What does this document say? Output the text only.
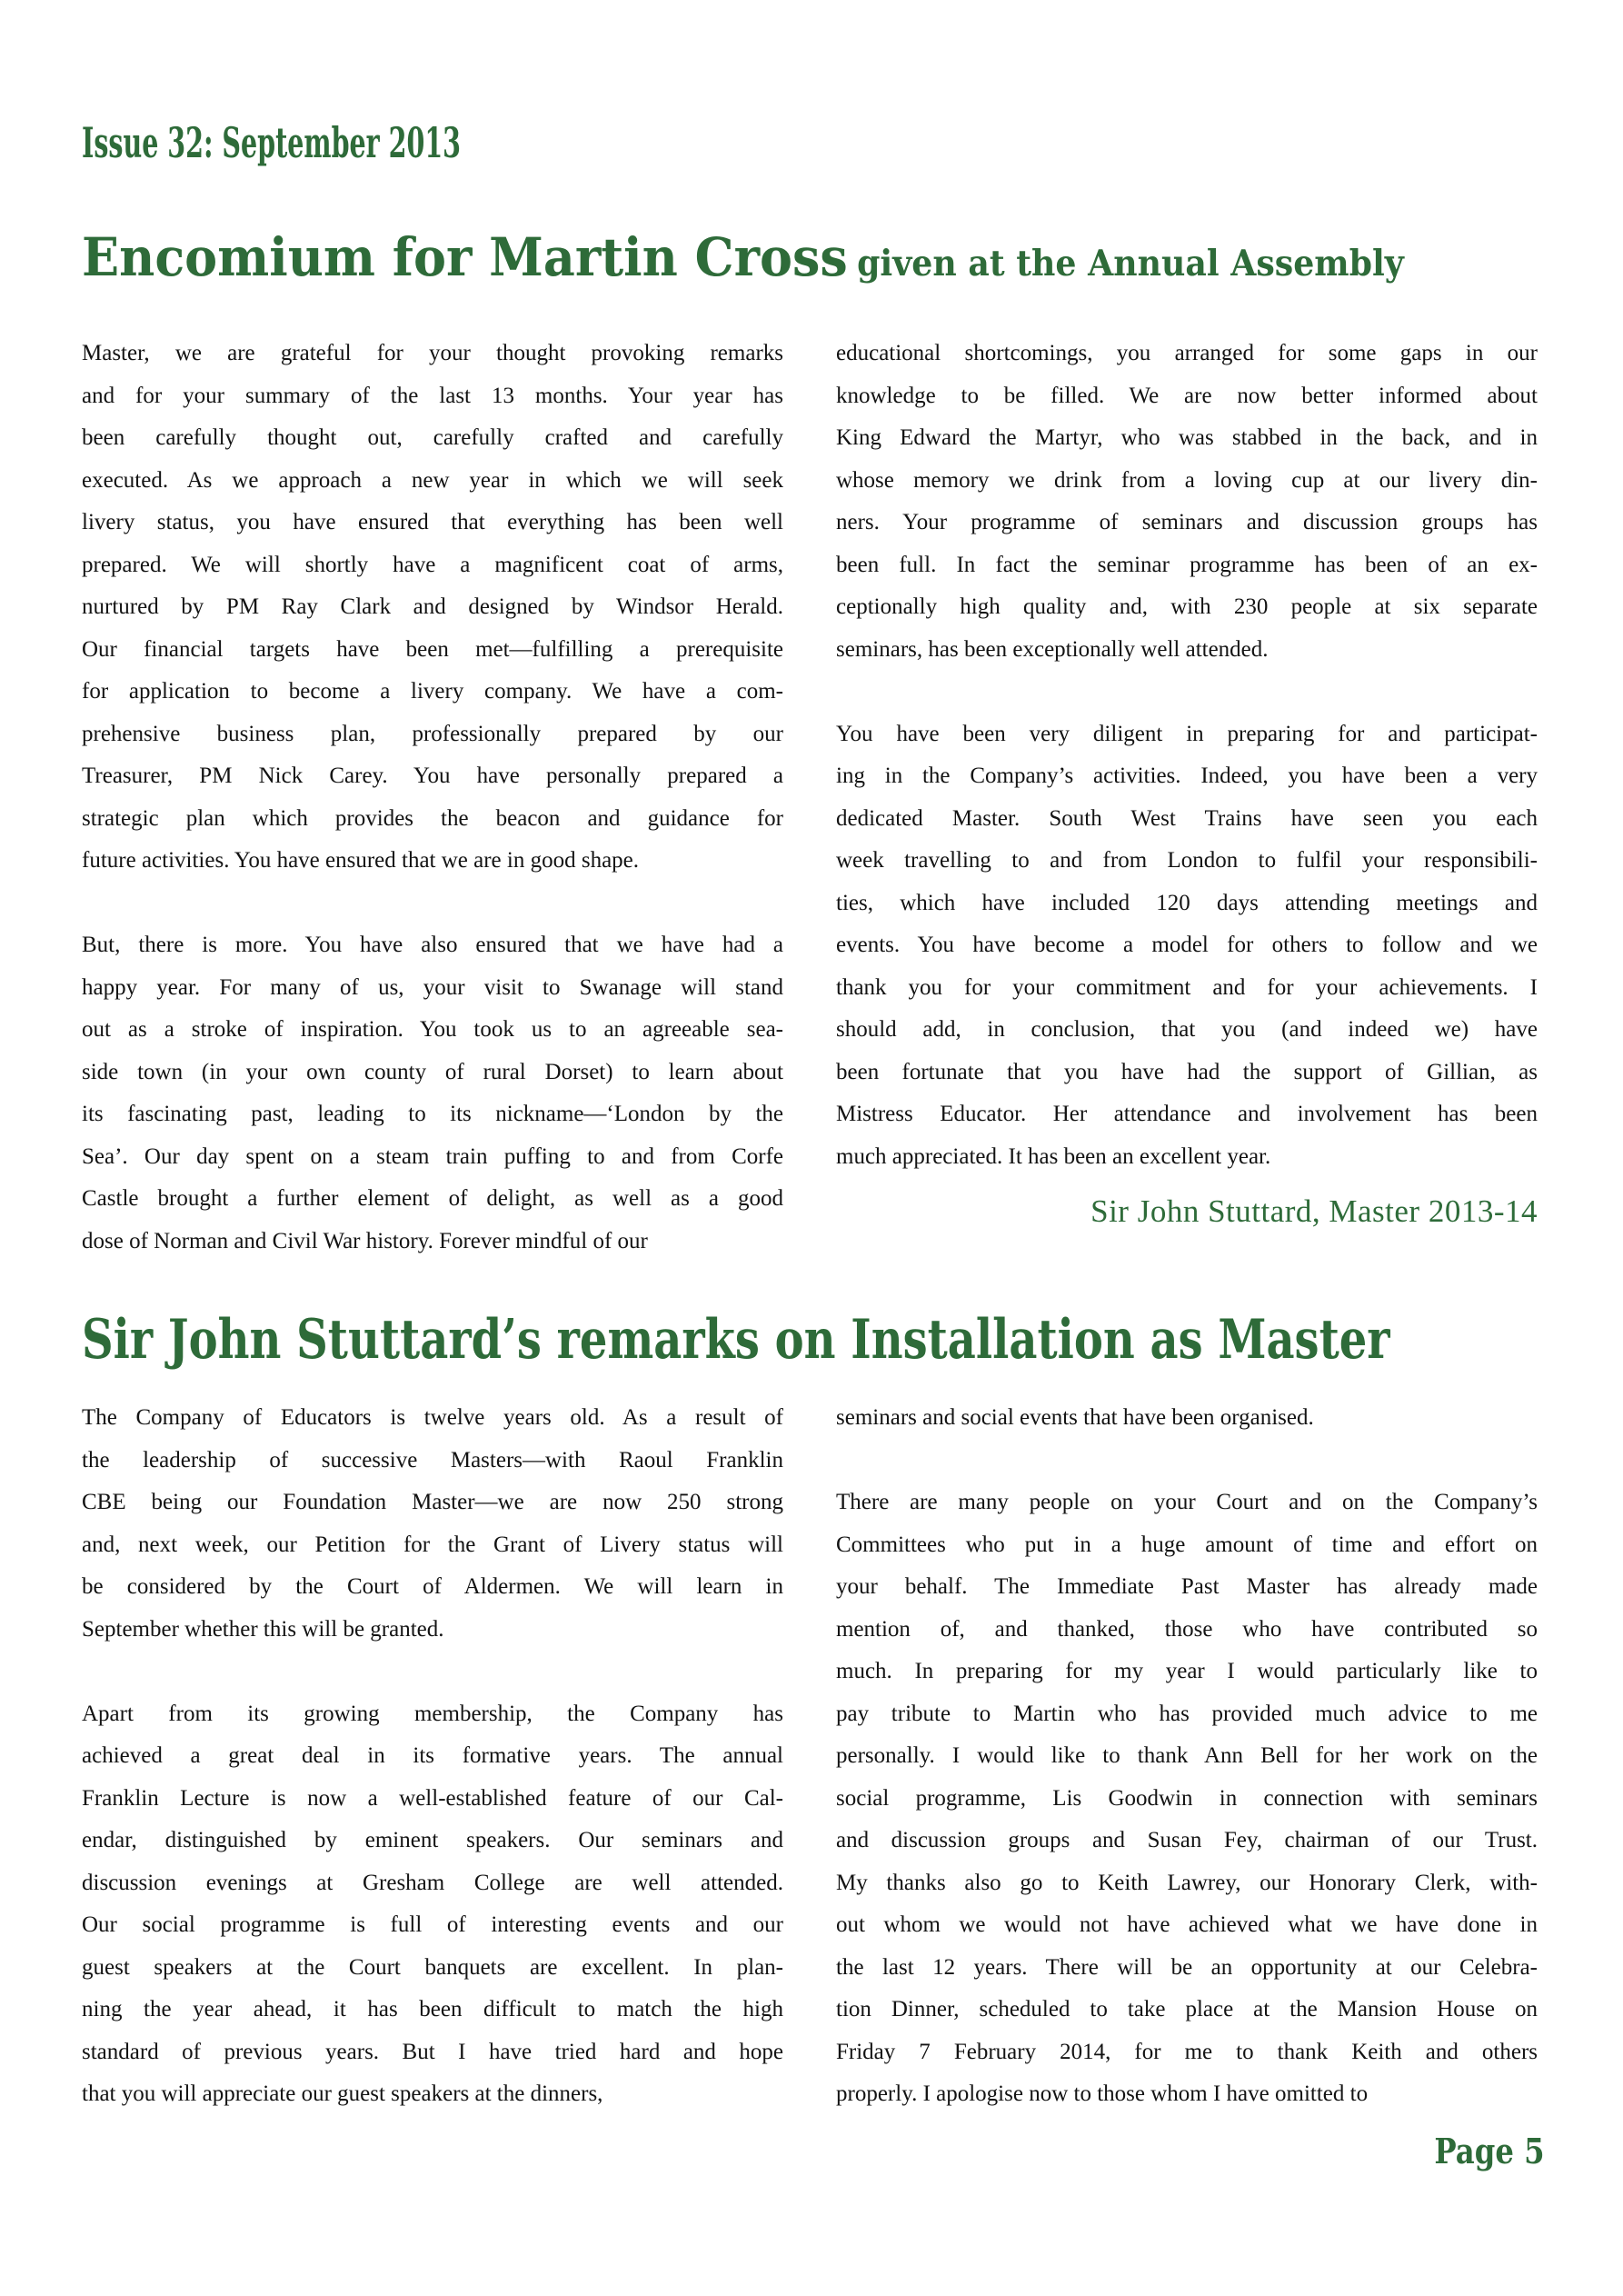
Issue 32: September 2013
Encomium for Martin Cross given at the Annual Assembly
Master, we are grateful for your thought provoking remarks
and for your summary of the last 13 months. Your year has
been carefully thought out, carefully crafted and carefully
executed. As we approach a new year in which we will seek
livery status, you have ensured that everything has been well
prepared. We will shortly have a magnificent coat of arms,
nurtured by PM Ray Clark and designed by Windsor Herald.
Our financial targets have been met—fulfilling a prerequisite
for application to become a livery company. We have a com-
prehensive business plan, professionally prepared by our
Treasurer, PM Nick Carey. You have personally prepared a
strategic plan which provides the beacon and guidance for
future activities. You have ensured that we are in good shape.
But, there is more. You have also ensured that we have had a
happy year. For many of us, your visit to Swanage will stand
out as a stroke of inspiration. You took us to an agreeable sea-
side town (in your own county of rural Dorset) to learn about
its fascinating past, leading to its nickname—‘London by the
Sea’. Our day spent on a steam train puffing to and from Corfe
Castle brought a further element of delight, as well as a good
dose of Norman and Civil War history. Forever mindful of our
educational shortcomings, you arranged for some gaps in our
knowledge to be filled. We are now better informed about
King Edward the Martyr, who was stabbed in the back, and in
whose memory we drink from a loving cup at our livery din-
ners. Your programme of seminars and discussion groups has
been full. In fact the seminar programme has been of an ex-
ceptionally high quality and, with 230 people at six separate
seminars, has been exceptionally well attended.
You have been very diligent in preparing for and participat-
ing in the Company’s activities. Indeed, you have been a very
dedicated Master. South West Trains have seen you each
week travelling to and from London to fulfil your responsibili-
ties, which have included 120 days attending meetings and
events. You have become a model for others to follow and we
thank you for your commitment and for your achievements. I
should add, in conclusion, that you (and indeed we) have
been fortunate that you have had the support of Gillian, as
Mistress Educator. Her attendance and involvement has been
much appreciated. It has been an excellent year.
Sir John Stuttard, Master 2013-14
Sir John Stuttard’s remarks on Installation as Master
The Company of Educators is twelve years old. As a result of
the leadership of successive Masters—with Raoul Franklin
CBE being our Foundation Master—we are now 250 strong
and, next week, our Petition for the Grant of Livery status will
be considered by the Court of Aldermen. We will learn in
September whether this will be granted.
Apart from its growing membership, the Company has
achieved a great deal in its formative years. The annual
Franklin Lecture is now a well-established feature of our Cal-
endar, distinguished by eminent speakers. Our seminars and
discussion evenings at Gresham College are well attended.
Our social programme is full of interesting events and our
guest speakers at the Court banquets are excellent. In plan-
ning the year ahead, it has been difficult to match the high
standard of previous years. But I have tried hard and hope
that you will appreciate our guest speakers at the dinners,
seminars and social events that have been organised.
There are many people on your Court and on the Company’s
Committees who put in a huge amount of time and effort on
your behalf. The Immediate Past Master has already made
mention of, and thanked, those who have contributed so
much. In preparing for my year I would particularly like to
pay tribute to Martin who has provided much advice to me
personally. I would like to thank Ann Bell for her work on the
social programme, Lis Goodwin in connection with seminars
and discussion groups and Susan Fey, chairman of our Trust.
My thanks also go to Keith Lawrey, our Honorary Clerk, with-
out whom we would not have achieved what we have done in
the last 12 years. There will be an opportunity at our Celebra-
tion Dinner, scheduled to take place at the Mansion House on
Friday 7 February 2014, for me to thank Keith and others
properly. I apologise now to those whom I have omitted to
Page 5
